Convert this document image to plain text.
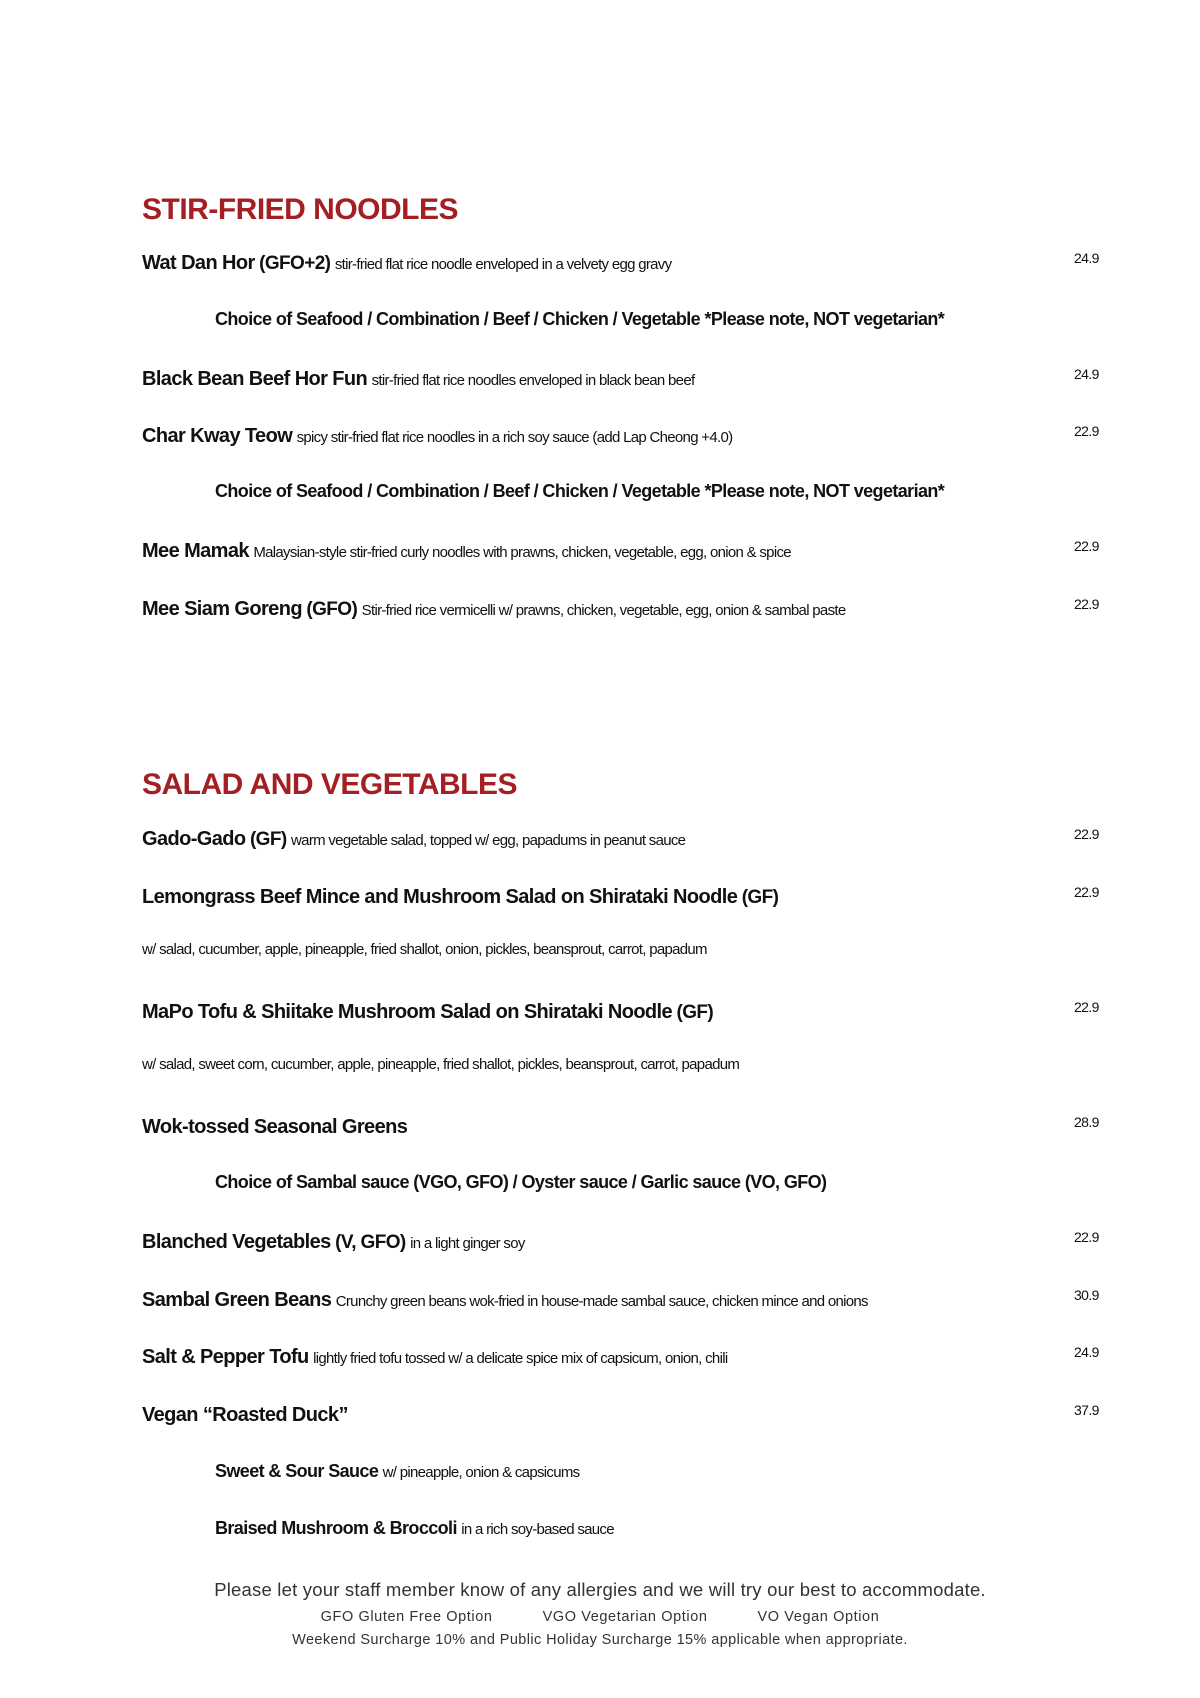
STIR-FRIED NOODLES
Wat Dan Hor (GFO+2) stir-fried flat rice noodle enveloped in a velvety egg gravy	24.9
Choice of Seafood / Combination / Beef / Chicken / Vegetable *Please note, NOT vegetarian*
Black Bean Beef Hor Fun stir-fried flat rice noodles enveloped in black bean beef	24.9
Char Kway Teow spicy stir-fried flat rice noodles in a rich soy sauce (add Lap Cheong +4.0)	22.9
Choice of Seafood / Combination / Beef / Chicken / Vegetable *Please note, NOT vegetarian*
Mee Mamak Malaysian-style stir-fried curly noodles with prawns, chicken, vegetable, egg, onion & spice	22.9
Mee Siam Goreng (GFO) Stir-fried rice vermicelli w/ prawns, chicken, vegetable, egg, onion & sambal paste	22.9
SALAD AND VEGETABLES
Gado-Gado (GF) warm vegetable salad, topped w/ egg, papadums in peanut sauce	22.9
Lemongrass Beef Mince and Mushroom Salad on Shirataki Noodle (GF)	22.9
w/ salad, cucumber, apple, pineapple, fried shallot, onion, pickles, beansprout, carrot, papadum
MaPo Tofu & Shiitake Mushroom Salad on Shirataki Noodle (GF)	22.9
w/ salad, sweet corn, cucumber, apple, pineapple, fried shallot, pickles, beansprout, carrot, papadum
Wok-tossed Seasonal Greens	28.9
Choice of Sambal sauce (VGO, GFO) / Oyster sauce / Garlic sauce (VO, GFO)
Blanched Vegetables (V, GFO) in a light ginger soy	22.9
Sambal Green Beans Crunchy green beans wok-fried in house-made sambal sauce, chicken mince and onions	30.9
Salt & Pepper Tofu lightly fried tofu tossed w/ a delicate spice mix of capsicum, onion, chili	24.9
Vegan “Roasted Duck”	37.9
Sweet & Sour Sauce w/ pineapple, onion & capsicums
Braised Mushroom & Broccoli in a rich soy-based sauce
Please let your staff member know of any allergies and we will try our best to accommodate.
GFO Gluten Free Option	VGO Vegetarian Option	VO Vegan Option
Weekend Surcharge 10% and Public Holiday Surcharge 15% applicable when appropriate.
